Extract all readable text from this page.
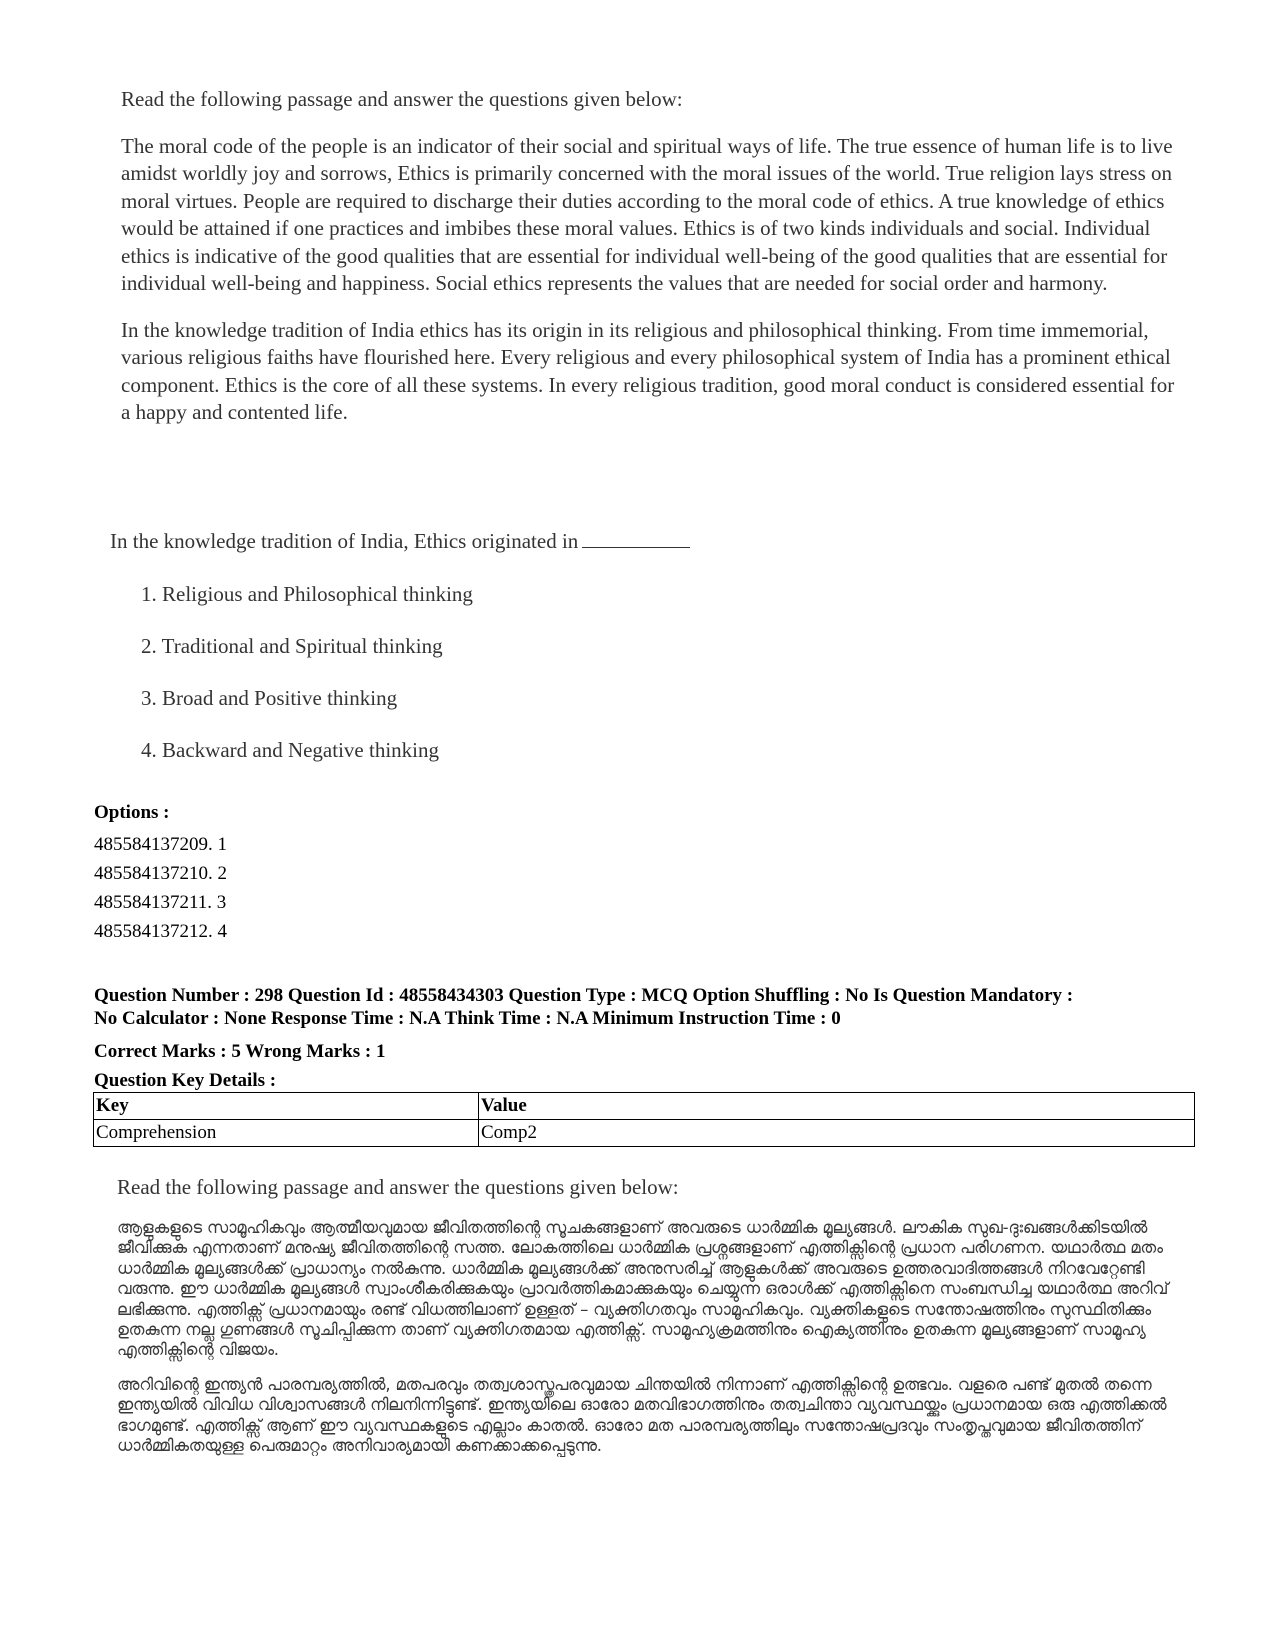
Read the following passage and answer the questions given below:

The moral code of the people is an indicator of their social and spiritual ways of life. The true essence of human life is to live amidst worldly joy and sorrows, Ethics is primarily concerned with the moral issues of the world. True religion lays stress on moral virtues. People are required to discharge their duties according to the moral code of ethics. A true knowledge of ethics would be attained if one practices and imbibes these moral values. Ethics is of two kinds individuals and social. Individual ethics is indicative of the good qualities that are essential for individual well-being of the good qualities that are essential for individual well-being and happiness. Social ethics represents the values that are needed for social order and harmony.

In the knowledge tradition of India ethics has its origin in its religious and philosophical thinking. From time immemorial, various religious faiths have flourished here. Every religious and every philosophical system of India has a prominent ethical component. Ethics is the core of all these systems. In every religious tradition, good moral conduct is considered essential for a happy and contented life.

In the knowledge tradition of India, Ethics originated in
1. Religious and Philosophical thinking
2. Traditional and Spiritual thinking
3. Broad and Positive thinking
4. Backward and Negative thinking
Options :
485584137209. 1
485584137210. 2
485584137211. 3
485584137212. 4
Question Number : 298 Question Id : 48558434303 Question Type : MCQ Option Shuffling : No Is Question Mandatory :
No Calculator : None Response Time : N.A Think Time : N.A Minimum Instruction Time : 0
Correct Marks : 5 Wrong Marks : 1
Question Key Details :
Key	Value
Comprehension	Comp2

Read the following passage and answer the questions given below:

ആളുകളുടെ സാമൂഹികവും ആത്മീയവുമായ ജീവിതത്തിന്റെ സൂചകങ്ങളാണ് അവരുടെ ധാർമ്മിക മൂല്യങ്ങൾ. ലൗകിക സുഖ-ദുഃഖങ്ങൾക്കിടയിൽ ജീവിക്കുക എന്നതാണ് മനുഷ്യ ജീവിതത്തിന്റെ സത്ത. ലോകത്തിലെ ധാർമ്മിക പ്രശ്നങ്ങളാണ് എത്തിക്സിന്റെ പ്രധാന പരിഗണന. യഥാർത്ഥ മതം ധാർമ്മിക മൂല്യങ്ങൾക്ക് പ്രാധാന്യം നൽകുന്നു. ധാർമ്മിക മൂല്യങ്ങൾക്ക് അനുസരിച്ച് ആളുകൾക്ക് അവരുടെ ഉത്തരവാദിത്തങ്ങൾ നിറവേറ്റേണ്ടി വരുന്നു. ഈ ധാർമ്മിക മൂല്യങ്ങൾ സ്വാംശീകരിക്കുകയും പ്രാവർത്തികമാക്കുകയും ചെയ്യുന്ന ഒരാൾക്ക് എത്തിക്സിനെ സംബന്ധിച്ച യഥാർത്ഥ അറിവ് ലഭിക്കുന്നു. എത്തിക്സ് പ്രധാനമായും രണ്ട് വിധത്തിലാണ് ഉള്ളത് – വ്യക്തിഗതവും സാമൂഹികവും. വ്യക്തികളുടെ സന്തോഷത്തിനും സുസ്ഥിതിക്കും ഉതകുന്ന നല്ല ഗുണങ്ങൾ സൂചിപ്പിക്കുന്ന താണ് വ്യക്തിഗതമായ എത്തിക്സ്. സാമൂഹ്യക്രമത്തിനും ഐക്യത്തിനും ഉതകുന്ന മൂല്യങ്ങളാണ് സാമൂഹ്യ എത്തിക്സിന്റെ വിജയം.

അറിവിന്റെ ഇന്ത്യൻ പാരമ്പര്യത്തിൽ, മതപരവും തത്വശാസ്ത്രപരവുമായ ചിന്തയിൽ നിന്നാണ് എത്തിക്സിന്റെ ഉത്ഭവം. വളരെ പണ്ട് മുതൽ തന്നെ ഇന്ത്യയിൽ വിവിധ വിശ്വാസങ്ങൾ നിലനിന്നിട്ടുണ്ട്. ഇന്ത്യയിലെ ഓരോ മതവിഭാഗത്തിനും തത്വചിന്താ വ്യവസ്ഥയ്ക്കും പ്രധാനമായ ഒരു എത്തിക്കൽ ഭാഗമുണ്ട്. എത്തിക്സ് ആണ് ഈ വ്യവസ്ഥകളുടെ എല്ലാം കാതൽ. ഓരോ മത പാരമ്പര്യത്തിലും സന്തോഷപ്രദവും സംതൃപ്തവുമായ ജീവിതത്തിന് ധാർമ്മികതയുള്ള പെരുമാറ്റം അനിവാര്യമായി കണക്കാക്കപ്പെടുന്നു.
